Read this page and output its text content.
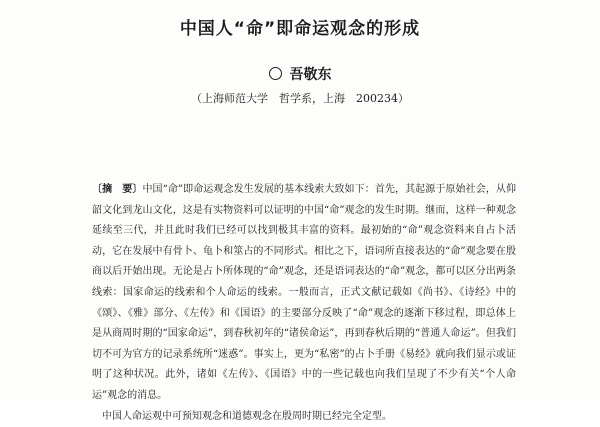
中国人“命”即命运观念的形成
吾敬东
（上海师范大学　哲学系，上海　200234）

〔摘　要〕中国“命”即命运观念发生发展的基本线索大致如下：首先，其起源于原始社会，从仰韶文化到龙山文化，这是有实物资料可以证明的中国“命”观念的发生时期。继而，这样一种观念延续至三代，并且此时我们已经可以找到极其丰富的资料。最初始的“命”观念资料来自占卜活动，它在发展中有骨卜、龟卜和筮占的不同形式。相比之下，语词所直接表达的“命”观念要在殷商以后开始出现。无论是占卜所体现的“命”观念，还是语词表达的“命”观念，都可以区分出两条线索：国家命运的线索和个人命运的线索。一般而言，正式文献记载如《尚书》、《诗经》中的《颂》、《雅》部分、《左传》和《国语》的主要部分反映了“命”观念的逐渐下移过程，即总体上是从商周时期的“国家命运”，到春秋初年的“诸侯命运”，再到春秋后期的“普通人命运”。但我们切不可为官方的记录系统所“迷惑”。事实上，更为“私密”的占卜手册《易经》就向我们显示或证明了这种状况。此外，诸如《左传》、《国语》中的一些记载也向我们呈现了不少有关“个人命运”观念的消息。

　中国人命运观中可预知观念和道德观念在殷周时期已经完全定型。
